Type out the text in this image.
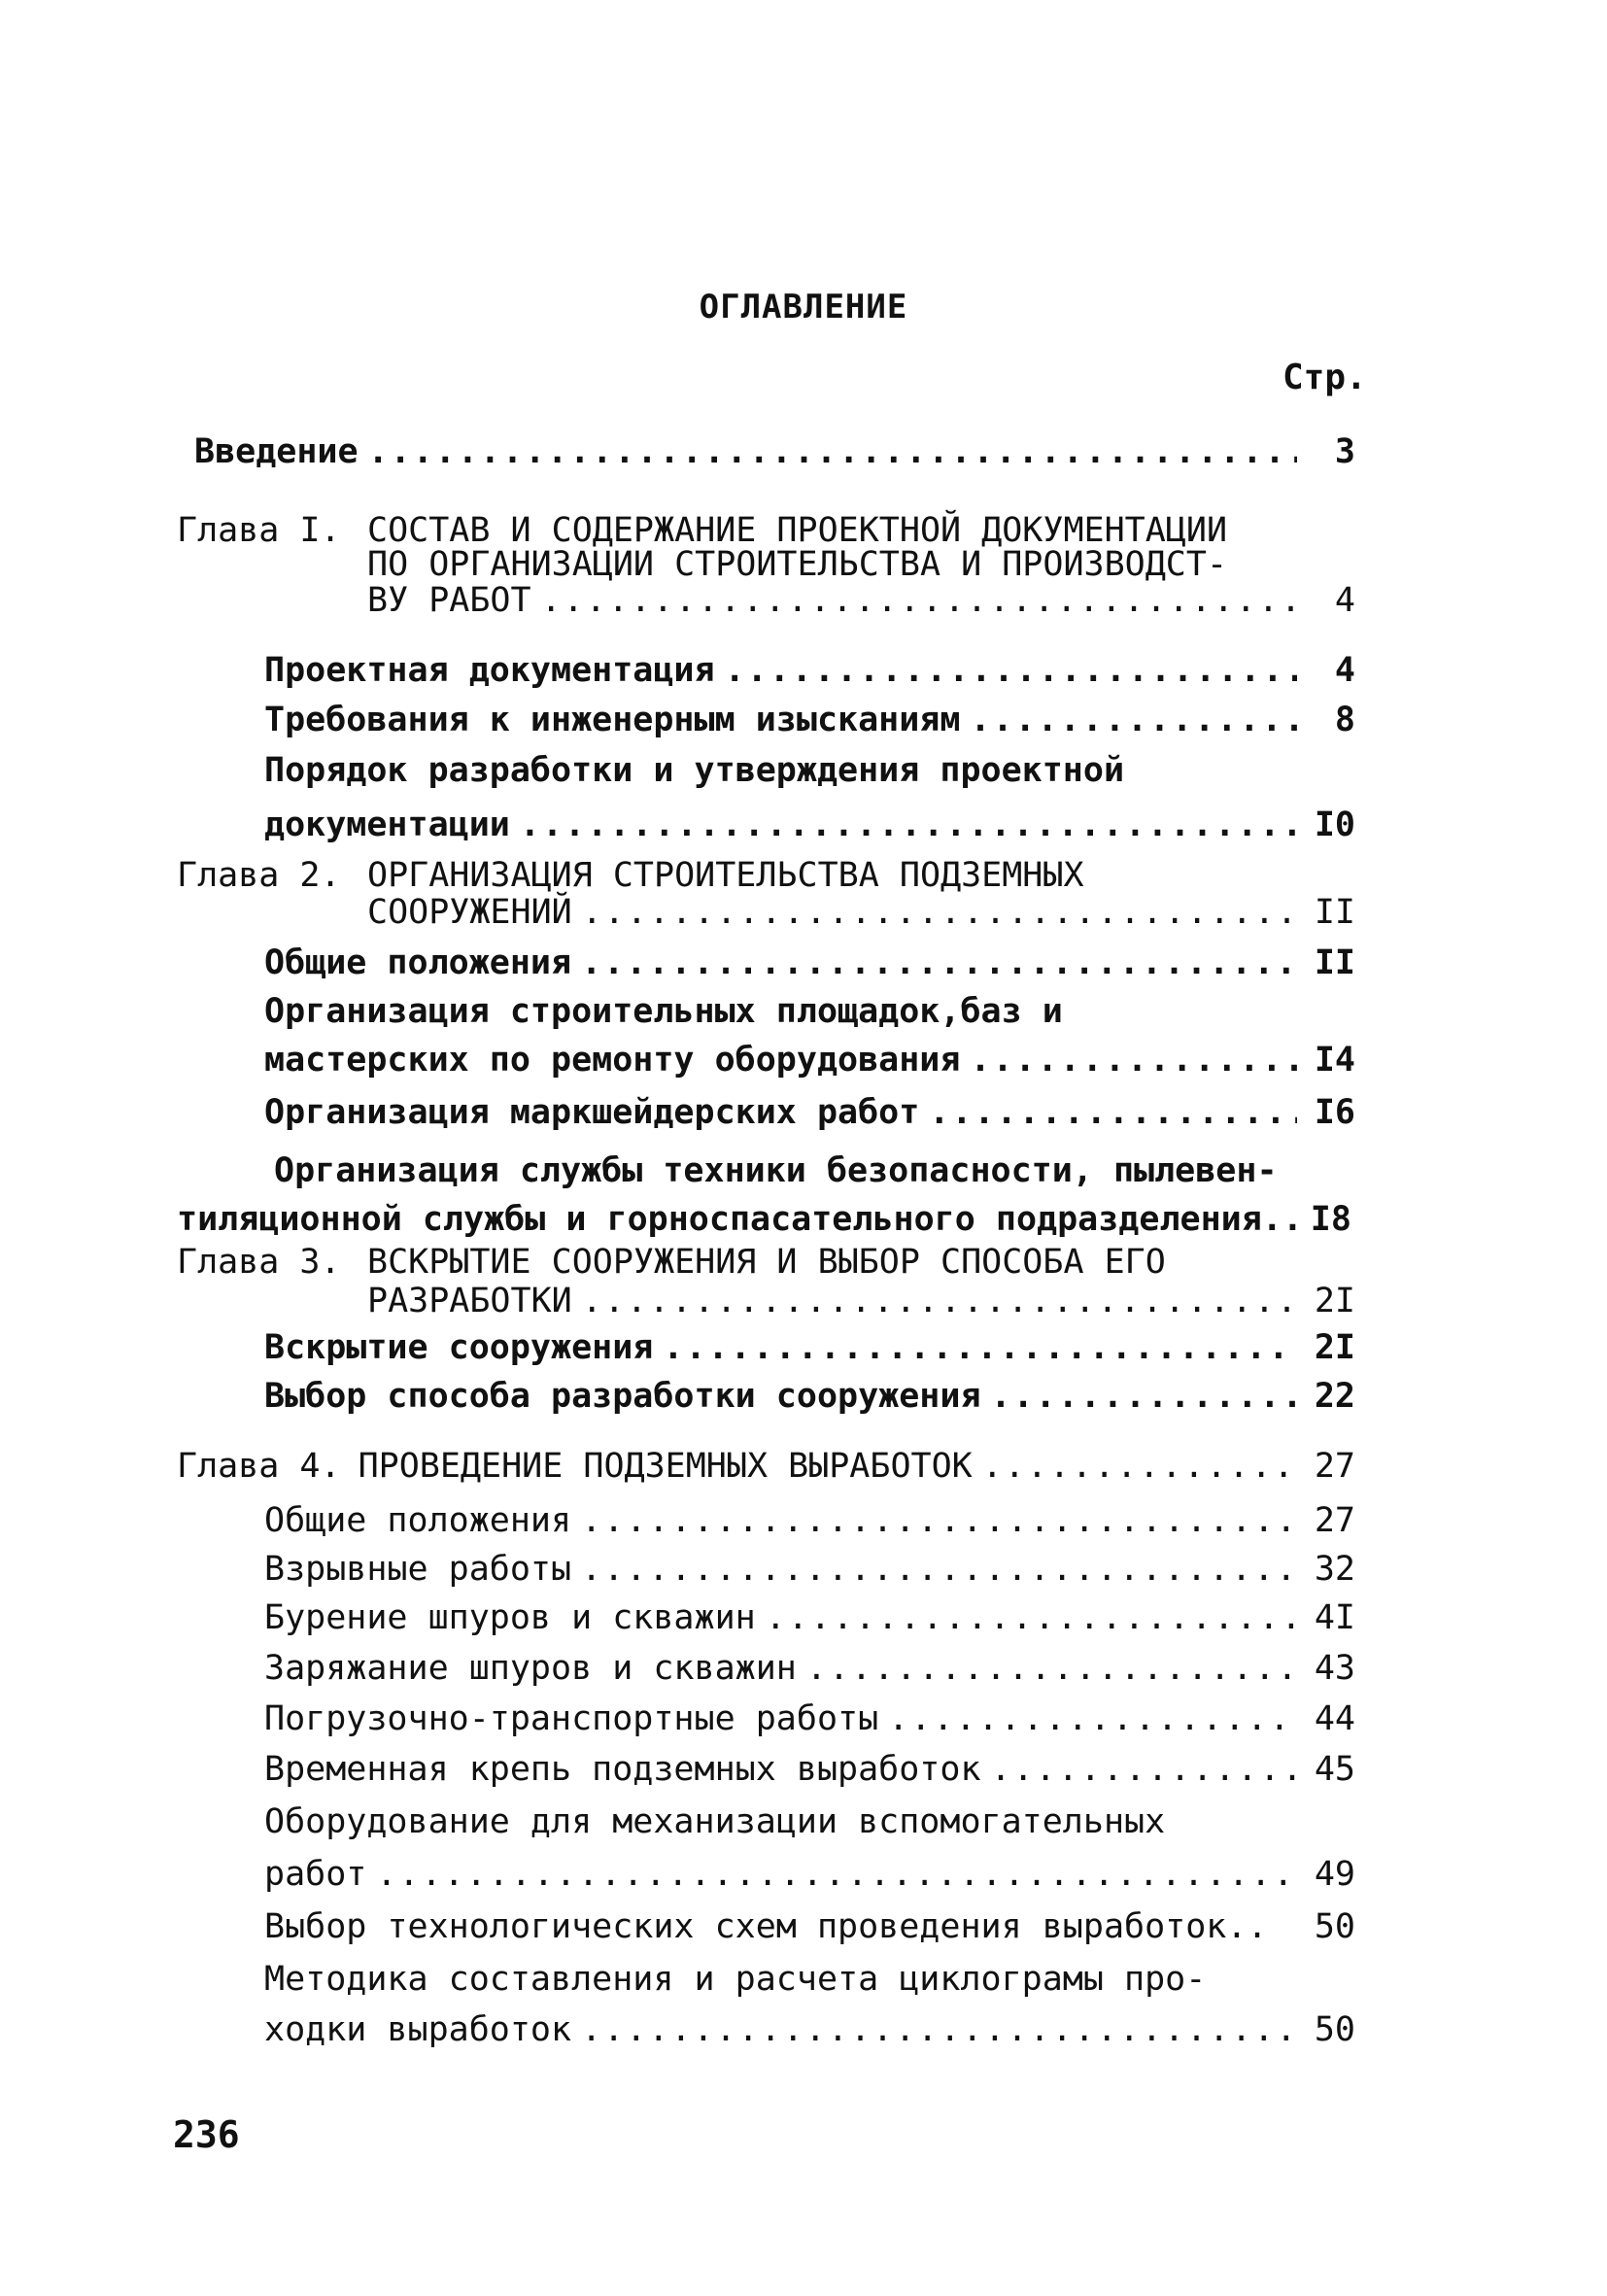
ОГЛАВЛЕНИЕ
Стр.
Введение .....	3
Глава I. СОСТАВ И СОДЕРЖАНИЕ ПРОЕКТНОЙ ДОКУМЕНТАЦИИ
ПО ОРГАНИЗАЦИИ СТРОИТЕЛЬСТВА И ПРОИЗВОДСТ-
ВУ РАБОТ .....	4
Проектная документация .....	4
Требования к инженерным изысканиям .....	8
Порядок разработки и утверждения проектной
документации .....	I0
Глава 2. ОРГАНИЗАЦИЯ СТРОИТЕЛЬСТВА ПОДЗЕМНЫХ
СООРУЖЕНИЙ .....	II
Общие положения .....	II
Организация строительных площадок,баз и
мастерских по ремонту оборудования .....	I4
Организация маркшейдерских работ .....	I6
Организация службы техники безопасности, пылевен-
тиляционной службы и горноспасательного подразделения.. I8
Глава 3. ВСКРЫТИЕ СООРУЖЕНИЯ И ВЫБОР СПОСОБА ЕГО
РАЗРАБОТКИ .....	2I
Вскрытие сооружения .....	2I
Выбор способа разработки сооружения .....	22
Глава 4. ПРОВЕДЕНИЕ ПОДЗЕМНЫХ ВЫРАБОТОК .....	27
Общие положения .....	27
Взрывные работы .....	32
Бурение шпуров и скважин .....	4I
Заряжание шпуров и скважин .....	43
Погрузочно-транспортные работы .....	44
Временная крепь подземных выработок .....	45
Оборудование для механизации вспомогательных
работ .....	49
Выбор технологических схем проведения выработок.. 50
Методика составления и расчета циклограмы про-
ходки выработок .....	50
236
